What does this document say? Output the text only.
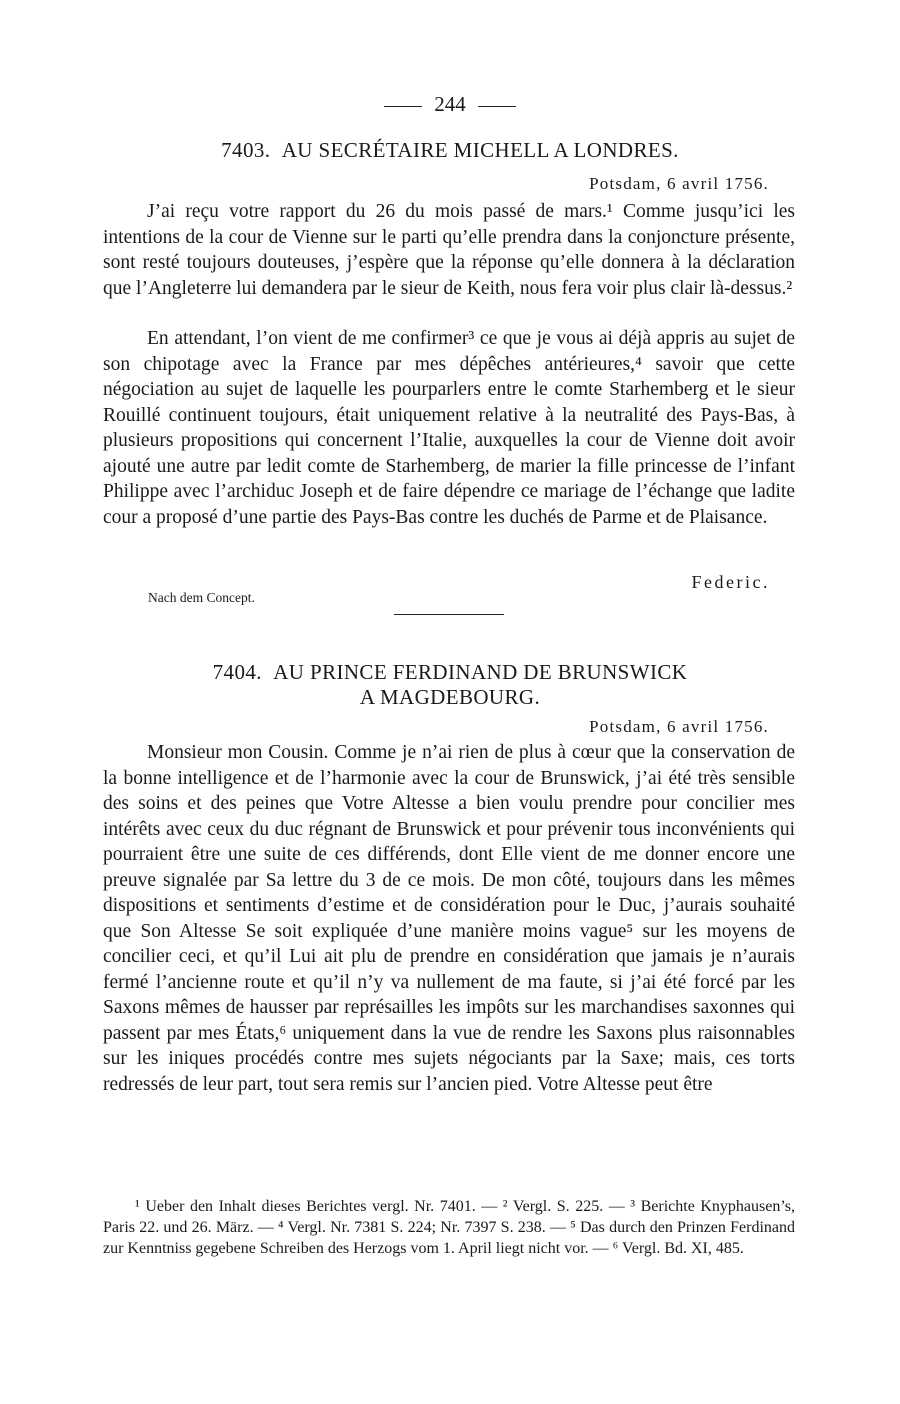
244
7403. AU SECRÉTAIRE MICHELL A LONDRES.
Potsdam, 6 avril 1756.

J’ai reçu votre rapport du 26 du mois passé de mars.¹ Comme jusqu’ici les intentions de la cour de Vienne sur le parti qu’elle prendra dans la conjoncture présente, sont resté toujours douteuses, j’espère que la réponse qu’elle donnera à la déclaration que l’Angleterre lui demandera par le sieur de Keith, nous fera voir plus clair là-dessus.²

En attendant, l’on vient de me confirmer³ ce que je vous ai déjà appris au sujet de son chipotage avec la France par mes dépêches antérieures,⁴ savoir que cette négociation au sujet de laquelle les pourparlers entre le comte Starhemberg et le sieur Rouillé continuent toujours, était uniquement relative à la neutralité des Pays-Bas, à plusieurs propositions qui concernent l’Italie, auxquelles la cour de Vienne doit avoir ajouté une autre par ledit comte de Starhemberg, de marier la fille princesse de l’infant Philippe avec l’archiduc Joseph et de faire dépendre ce mariage de l’échange que ladite cour a proposé d’une partie des Pays-Bas contre les duchés de Parme et de Plaisance.

Federic.
Nach dem Concept.
7404. AU PRINCE FERDINAND DE BRUNSWICK
A MAGDEBOURG.
Potsdam, 6 avril 1756.

Monsieur mon Cousin. Comme je n’ai rien de plus à cœur que la conservation de la bonne intelligence et de l’harmonie avec la cour de Brunswick, j’ai été très sensible des soins et des peines que Votre Altesse a bien voulu prendre pour concilier mes intérêts avec ceux du duc régnant de Brunswick et pour prévenir tous inconvénients qui pourraient être une suite de ces différends, dont Elle vient de me donner encore une preuve signalée par Sa lettre du 3 de ce mois. De mon côté, toujours dans les mêmes dispositions et sentiments d’estime et de considération pour le Duc, j’aurais souhaité que Son Altesse Se soit expliquée d’une manière moins vague⁵ sur les moyens de concilier ceci, et qu’il Lui ait plu de prendre en considération que jamais je n’aurais fermé l’ancienne route et qu’il n’y va nullement de ma faute, si j’ai été forcé par les Saxons mêmes de hausser par représailles les impôts sur les marchandises saxonnes qui passent par mes États,⁶ uniquement dans la vue de rendre les Saxons plus raisonnables sur les iniques procédés contre mes sujets négociants par la Saxe; mais, ces torts redressés de leur part, tout sera remis sur l’ancien pied. Votre Altesse peut être

¹ Ueber den Inhalt dieses Berichtes vergl. Nr. 7401. — ² Vergl. S. 225. — ³ Berichte Knyphausen’s, Paris 22. und 26. März. — ⁴ Vergl. Nr. 7381 S. 224; Nr. 7397 S. 238. — ⁵ Das durch den Prinzen Ferdinand zur Kenntniss gegebene Schreiben des Herzogs vom 1. April liegt nicht vor. — ⁶ Vergl. Bd. XI, 485.
